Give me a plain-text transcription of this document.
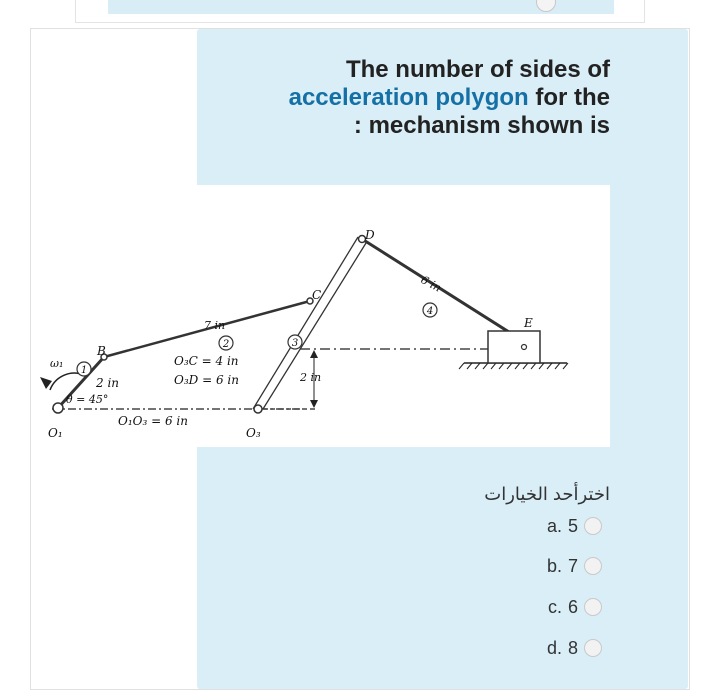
The number of sides of
acceleration polygon for the
: mechanism shown is
1
2	3
4
D
C
B
E
7 in
6 in
O₃C = 4 in
O₃D = 6 in
2 in
θ = 45°
2 in
O₁O₃ = 6 in
O₁	O₃
ω₁
اخترأحد الخيارات
a. 5
b. 7
c. 6
d. 8
